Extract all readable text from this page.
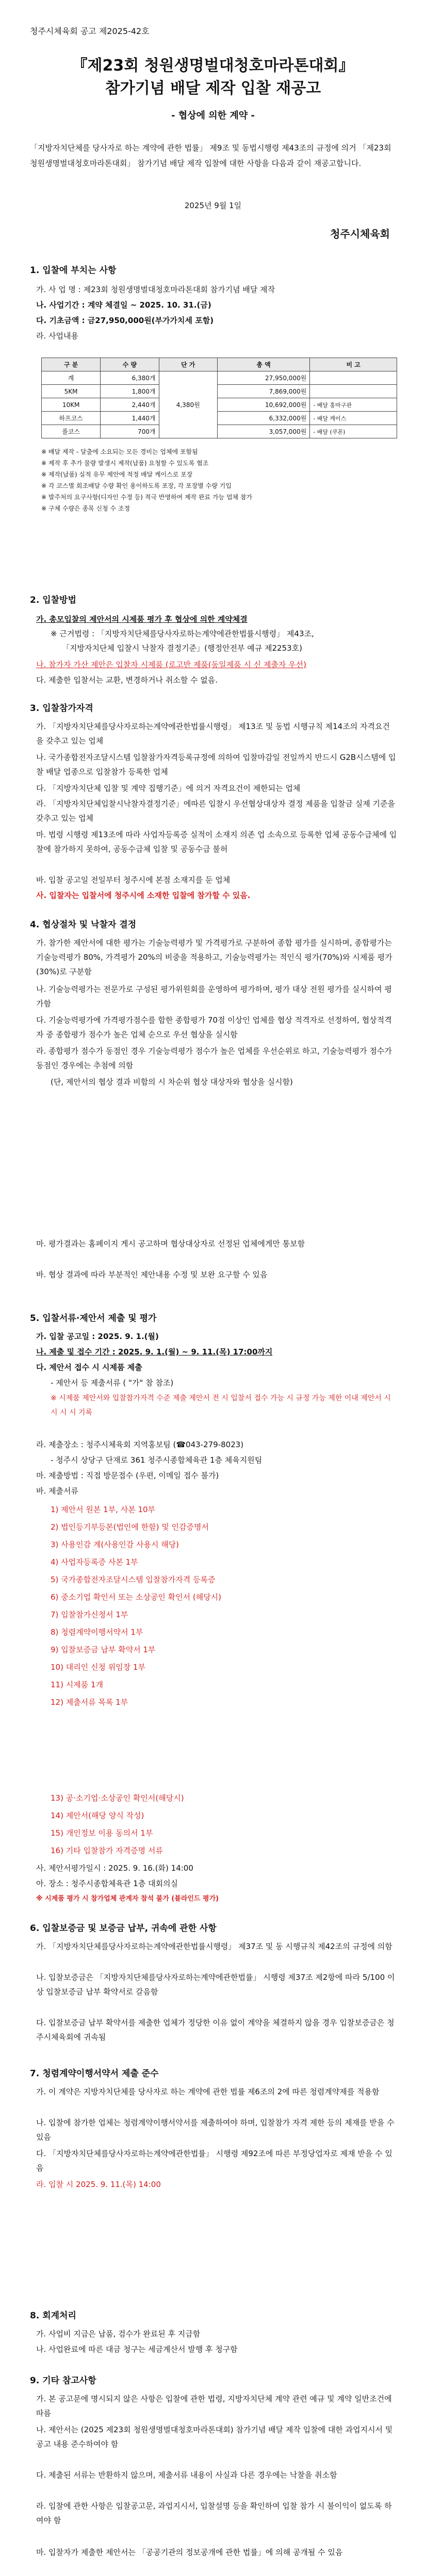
청주시체육회 공고 제2025-42호
『제23회 청원생명벌대청호마라톤대회』
참가기념 배달 제작 입찰 재공고
- 협상에 의한 계약 -
「지방자치단체를 당사자로 하는 계약에 관한 법률」 제9조 및 동법시행령 제43조의 규정에 의거 「제23회 청원생명벌대청호마라톤대회」 참가기념 배달 제작 입찰에 대한 사항을 다음과 같이 재공고합니다.
2025년 9월 1일
청주시체육회
1. 입찰에 부치는 사항
가. 사 업 명 : 제23회 청원생명벌대청호마라톤대회 참가기념 배달 제작
나. 사업기간 : 계약 체결일 ~ 2025. 10. 31.(금)
다. 기초금액 : 금27,950,000원(부가가치세 포함)
라. 사업내용
구 분	수 량	단 가	총 액	비 고
계	6,380개	4,380원	27,950,000원	
5KM	1,800개		7,869,000원	
10KM	2,440개		10,692,000원	- 배달 홍마구관
하프코스	1,440개		6,332,000원	- 배달 케이스
풀코스	700개		3,057,000원	- 배달 (쿠폰)
※ 배달 제작 - 달출에 소요되는 모든 경비는 업체에 포함됨
※ 제작 후 추가 물량 발생시 제작(납품) 요청할 수 있도록 협조
※ 제작(납품) 실적 유무 제안에 적정 배달 케이스로 포장
※ 각 코스별 회조배달 수량 확인 용이하도록 포장, 각 포장별 수량 기입
※ 발주처의 요구사항(디자인 수정 등) 적극 반영하여 제작 완료 가능 업체 참가
※ 구체 수량은 종목 신청 수 조정
2. 입찰방법
가. 총모입찰의 제안서의 시제품 평가 후 협상에 의한 계약체결
※ 근거법령 : 「지방자치단체를당사자로하는계약에관한법률시행령」 제43조,
「지방자치단체 입찰시 낙찰자 결정기준」(행정안전부 예규 제2253호)
나. 참가자 가산 제안은 입찰자 시제품 (로고반 제품(동일제품 시 신 제출자 우선)
다. 제출한 입찰서는 교환, 변경하거나 취소할 수 없음.
3. 입찰참가자격
가. 「지방자치단체를당사자로하는계약에관한법률시행령」 제13조 및 동법 시행규칙 제14조의 자격요건을 갖추고 있는 업체
나. 국가종합전자조달시스템 입찰참가자격등록규정에 의하여 입찰마감일 전일까지 반드시 G2B시스템에 입찰 배달 업종으로 입찰참가 등록한 업체
다. 「지방자치단체 입찰 및 계약 집행기준」에 의거 자격요건이 제한되는 업체
라. 「지방자치단체입찰시낙찰자결정기준」에따른 입찰시 우선협상대상자 결정 제품을 입찰금 실제 기준을 갖추고 있는 업체
마. 법령 시행령 제13조에 따라 사업자등록증 실적이 소재지 의존 업 소속으로 등록한 업체 공동수급체에 입찰에 참가하지 못하여, 공동수급체 입찰 및 공동수급 불허
바. 입찰 공고일 전일부터 청주시에 본점 소재지를 둔 업체
사. 입찰자는 입찰서에 청주시에 소재한 입찰에 참가할 수 있음.
4. 협상절차 및 낙찰자 결정
가. 참가한 제안서에 대한 평가는 기술능력평가 및 가격평가로 구분하여 종합 평가를 실시하며, 종합평가는 기술능력평가 80%, 가격평가 20%의 비중을 적용하고, 기술능력평가는 적인식 평가(70%)와 시제품 평가(30%)로 구분함
나. 기술능력평가는 전문가로 구성된 평가위원회를 운영하여 평가하며, 평가 대상 전원 평가를 실시하여 평가함
다. 기술능력평가에 가격평가점수를 합한 종합평가 70점 이상인 업체를 협상 적격자로 선정하여, 협상적격자 중 종합평가 점수가 높은 업체 순으로 우선 협상을 실시함
라. 종합평가 점수가 동점인 경우 기술능력평가 점수가 높은 업체를 우선순위로 하고, 기술능력평가 점수가 동점인 경우에는 추첨에 의함
(단, 제안서의 협상 결과 비합의 시 차순위 협상 대상자와 협상을 실시함)
마. 평가결과는 홈페이지 게시 공고하며 협상대상자로 선정된 업체에게만 통보함
바. 협상 결과에 따라 부분적인 제안내용 수정 및 보완 요구할 수 있음
5. 입찰서류·제안서 제출 및 평가
가. 입찰 공고일 : 2025. 9. 1.(월)
나. 제출 및 접수 기간 : 2025. 9. 1.(월) ~ 9. 11.(목) 17:00까지
다. 제안서 접수 시 시제품 제출
- 제안서 등 제출서류 ( "가" 참 참조)
※ 시제품 제안서와 입찰참가자격 수준 제출 제안서 전 시 입찰서 접수 가능 시 규정 가능 제한 이내 제안서 시 시 시 시 기록
라. 제출장소 : 청주시체육회 지역홍보팀 (☎043-279-8023)
- 청주시 상당구 단재로 361 청주시종합체육관 1층 체육지원팀
마. 제출방법 : 직접 방문접수 (우편, 이메일 접수 불가)
바. 제출서류
1) 제안서 원본 1부, 사본 10부
2) 법인등기부등본(법인에 한함) 및 인감증명서
3) 사용인감 계(사용인감 사용시 해당)
4) 사업자등록증 사본 1부
5) 국가종합전자조달시스템 입찰참가자격 등록증
6) 중소기업 확인서 또는 소상공인 확인서 (해당시)
7) 입찰참가신청서 1부
8) 청렴계약이행서약서 1부
9) 입찰보증금 납부 확약서 1부
10) 대리인 신청 위임장 1부
11) 시제품 1개
12) 제출서류 목록 1부
13) 공·소기업·소상공인 확인서(해당시)
14) 제안서(해당 양식 작성)
15) 개인정보 이용 동의서 1부
16) 기타 입찰참가 자격증명 서류
사. 제안서평가일시 : 2025. 9. 16.(화) 14:00
아. 장소 : 청주시종합체육관 1층 대회의실
※ 시제품 평가 시 참가업체 관계자 참석 불가 (블라인드 평가)
6. 입찰보증금 및 보증금 납부, 귀속에 관한 사항
가. 「지방자치단체를당사자로하는계약에관한법률시행령」 제37조 및 동 시행규칙 제42조의 규정에 의함
나. 입찰보증금은 「지방자치단체를당사자로하는계약에관한법률」 시행령 제37조 제2항에 따라 5/100 이상 입찰보증금 납부 확약서로 갈음함
다. 입찰보증금 납부 확약서를 제출한 업체가 정당한 이유 없이 계약을 체결하지 않을 경우 입찰보증금은 청주시체육회에 귀속됨
7. 청렴계약이행서약서 제출 준수
가. 이 계약은 지방자치단체를 당사자로 하는 계약에 관한 법률 제6조의 2에 따른 청렴계약제를 적용함
나. 입찰에 참가한 업체는 청렴계약이행서약서를 제출하여야 하며, 입찰참가 자격 제한 등의 제재를 받을 수 있음
다. 「지방자치단체를당사자로하는계약에관한법률」 시행령 제92조에 따른 부정당업자로 제재 받을 수 있음
라. 입찰 시 2025. 9. 11.(목) 14:00
8. 회계처리
가. 사업비 지급은 납품, 검수가 완료된 후 지급함
나. 사업완료에 따른 대금 청구는 세금계산서 발행 후 청구함
9. 기타 참고사항
가. 본 공고문에 명시되지 않은 사항은 입찰에 관한 법령, 지방자치단체 계약 관련 예규 및 계약 일반조건에 따름
나. 제안서는 (2025 제23회 청원생명벌대청호마라톤대회) 참가기념 배달 제작 입찰에 대한 과업지시서 및 공고 내용 준수하여야 함
다. 제출된 서류는 반환하지 않으며, 제출서류 내용이 사실과 다른 경우에는 낙찰을 취소함
라. 입찰에 관한 사항은 입찰공고문, 과업지시서, 입찰설명 등을 확인하여 입찰 참가 시 불이익이 없도록 하여야 함
마. 입찰자가 제출한 제안서는 「공공기관의 정보공개에 관한 법률」에 의해 공개될 수 있음
